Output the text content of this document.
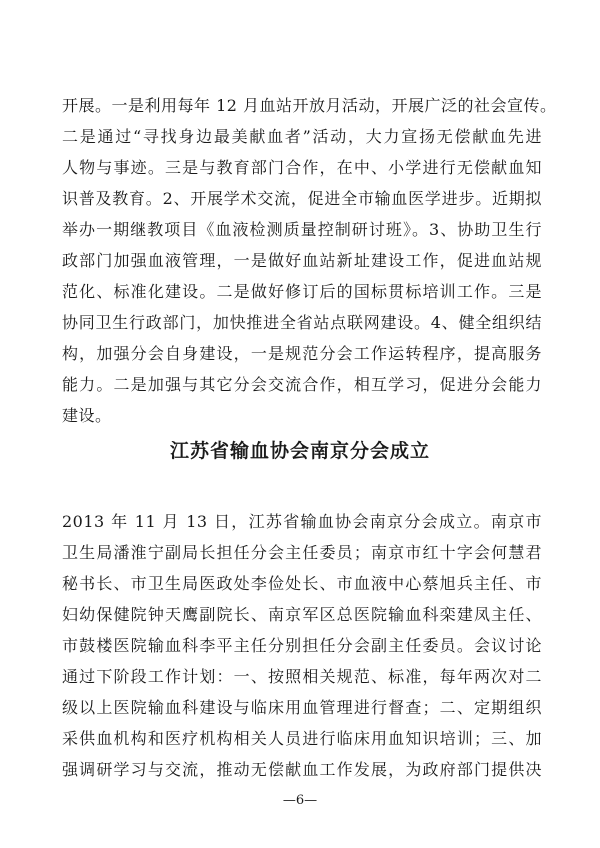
开展。一是利用每年 12 月血站开放月活动，开展广泛的社会宣传。
二是通过“寻找身边最美献血者”活动，大力宣扬无偿献血先进
人物与事迹。三是与教育部门合作，在中、小学进行无偿献血知
识普及教育。2、开展学术交流，促进全市输血医学进步。近期拟
举办一期继教项目《血液检测质量控制研讨班》。3、协助卫生行
政部门加强血液管理，一是做好血站新址建设工作，促进血站规
范化、标准化建设。二是做好修订后的国标贯标培训工作。三是
协同卫生行政部门，加快推进全省站点联网建设。4、健全组织结
构，加强分会自身建设，一是规范分会工作运转程序，提高服务
能力。二是加强与其它分会交流合作，相互学习，促进分会能力
建设。
江苏省输血协会南京分会成立
2013 年 11 月 13 日，江苏省输血协会南京分会成立。南京市
卫生局潘淮宁副局长担任分会主任委员；南京市红十字会何慧君
秘书长、市卫生局医政处李俭处长、市血液中心蔡旭兵主任、市
妇幼保健院钟天鹰副院长、南京军区总医院输血科栾建凤主任、
市鼓楼医院输血科李平主任分别担任分会副主任委员。会议讨论
通过下阶段工作计划：一、按照相关规范、标准，每年两次对二
级以上医院输血科建设与临床用血管理进行督查；二、定期组织
采供血机构和医疗机构相关人员进行临床用血知识培训；三、加
强调研学习与交流，推动无偿献血工作发展，为政府部门提供决
—6—
